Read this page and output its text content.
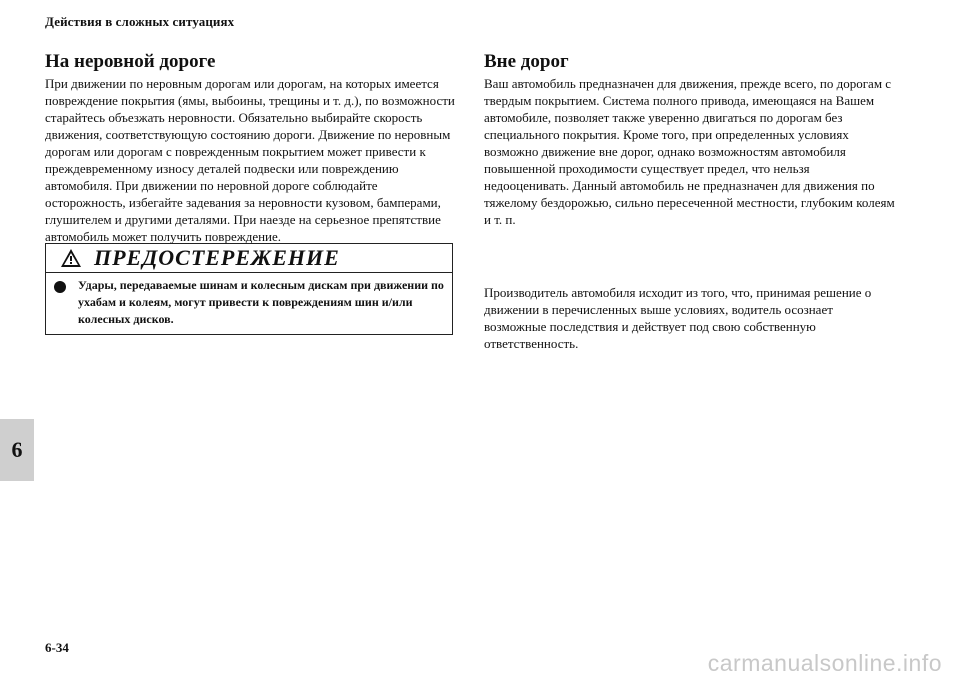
Действия в сложных ситуациях
На неровной дороге

При движении по неровным дорогам или дорогам, на которых имеется повреждение покрытия (ямы, выбоины, трещины и т. д.), по возможности старайтесь объезжать неровности. Обязательно выбирайте скорость движения, соответствующую состоянию дороги. Движение по неровным дорогам или дорогам с поврежденным покрытием может привести к преждевременному износу деталей подвески или повреждению автомобиля. При движении по неровной дороге соблюдайте осторожность, избегайте задевания за неровности кузовом, бамперами, глушителем и другими деталями. При наезде на серьезное препятствие автомобиль может получить повреждение.

ПРЕДОСТЕРЕЖЕНИЕ
Удары, передаваемые шинам и колесным дискам при движении по ухабам и колеям, могут привести к повреждениям шин и/или колесных дисков.
Вне дорог

Ваш автомобиль предназначен для движения, прежде всего, по дорогам с твердым покрытием. Система полного привода, имеющаяся на Вашем автомобиле, позволяет также уверенно двигаться по дорогам без специального покрытия. Кроме того, при определенных условиях возможно движение вне дорог, однако возможностям автомобиля повышенной проходимости существует предел, что нельзя недооценивать. Данный автомобиль не предназначен для движения по тяжелому бездорожью, сильно пересеченной местности, глубоким колеям и т. п.

Производитель автомобиля исходит из того, что, принимая решение о движении в перечисленных выше условиях, водитель осознает возможные последствия и действует под свою собственную ответственность.

6
6-34
carmanualsonline.info
